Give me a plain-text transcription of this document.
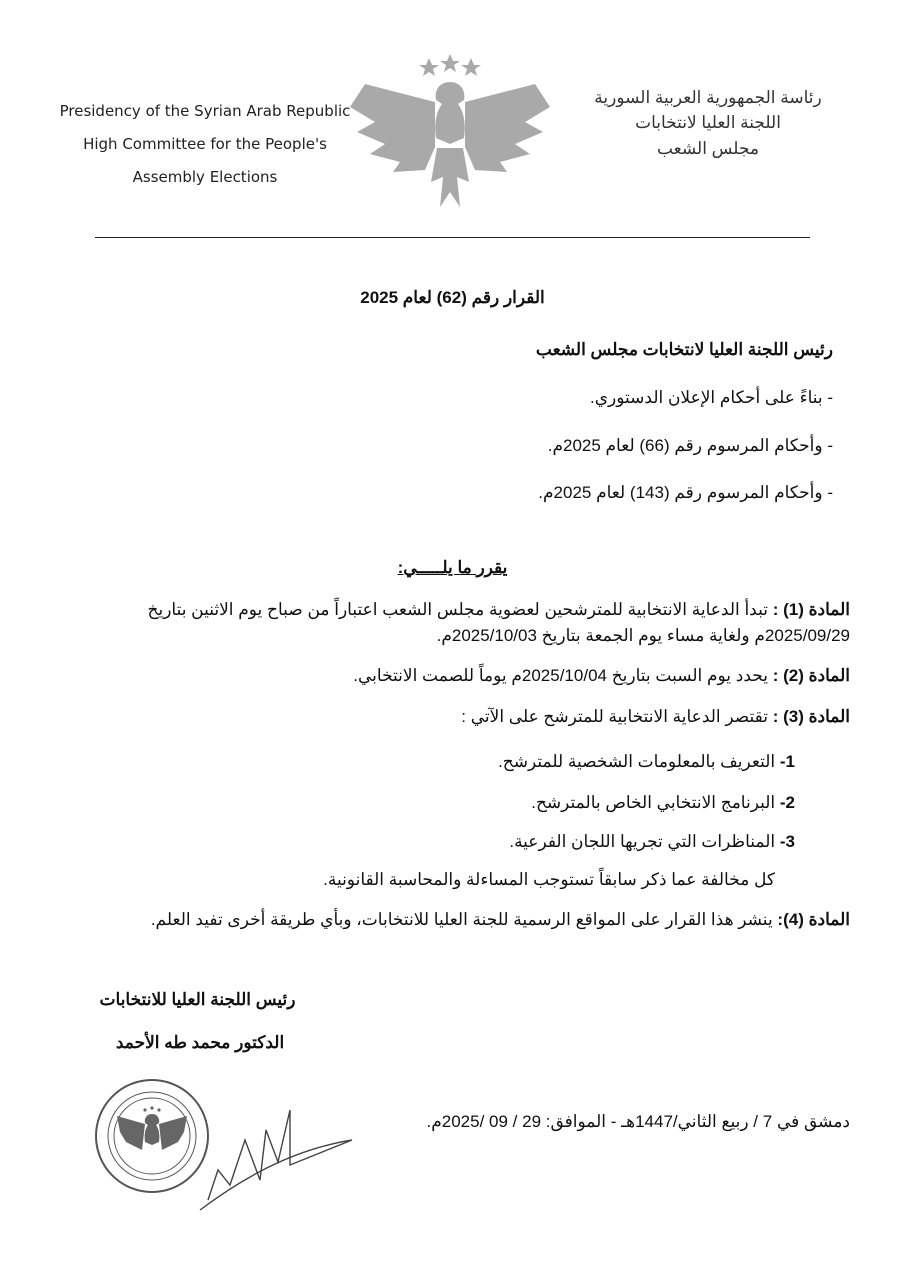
Presidency of the Syrian Arab Republic
High Committee for the People's
Assembly Elections
رئاسة الجمهورية العربية السورية
اللجنة العليا لانتخابات
مجلس الشعب
القرار رقم (62) لعام 2025
رئيس اللجنة العليا لانتخابات مجلس الشعب
- بناءً على أحكام الإعلان الدستوري.
- وأحكام المرسوم رقم (66) لعام 2025م.
- وأحكام المرسوم رقم (143) لعام 2025م.
يقرر ما يلـــــي:
المادة (1) : تبدأ الدعاية الانتخابية للمترشحين لعضوية مجلس الشعب اعتباراً من صباح يوم الاثنين بتاريخ
2025/09/29م ولغاية مساء يوم الجمعة بتاريخ 2025/10/03م.
المادة (2) : يحدد يوم السبت بتاريخ 2025/10/04م يوماً للصمت الانتخابي.
المادة (3) : تقتصر الدعاية الانتخابية للمترشح على الآتي :
1- التعريف بالمعلومات الشخصية للمترشح.
2- البرنامج الانتخابي الخاص بالمترشح.
3- المناظرات التي تجريها اللجان الفرعية.
كل مخالفة عما ذكر سابقاً تستوجب المساءلة والمحاسبة القانونية.
المادة (4): ينشر هذا القرار على المواقع الرسمية للجنة العليا للانتخابات، وبأي طريقة أخرى تفيد العلم.
رئيس اللجنة العليا للانتخابات
الدكتور محمد طه الأحمد
دمشق في 7 / ربيع الثاني/1447هـ - الموافق: 29 / 09 /2025م.
